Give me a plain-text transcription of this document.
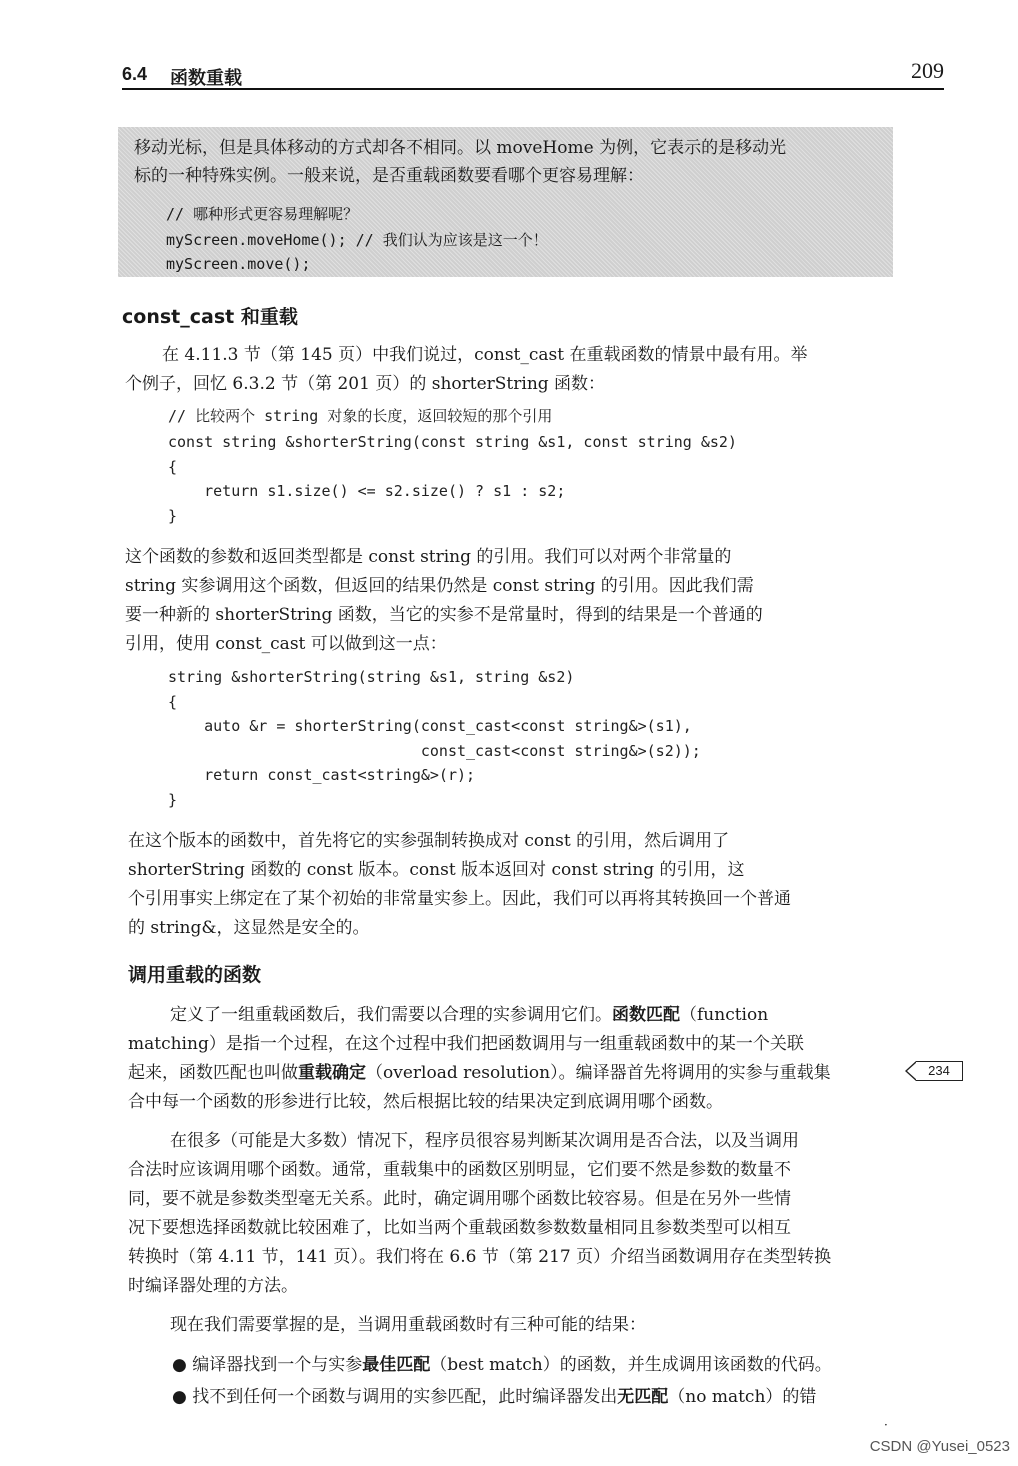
6.4 函数重载	209
移动光标，但是具体移动的方式却各不相同。以 moveHome 为例，它表示的是移动光
标的一种特殊实例。一般来说，是否重载函数要看哪个更容易理解：
// 哪种形式更容易理解呢？
myScreen.moveHome(); // 我们认为应该是这一个！
myScreen.move();
const_cast 和重载
在 4.11.3 节（第 145 页）中我们说过，const_cast 在重载函数的情景中最有用。举
个例子，回忆 6.3.2 节（第 201 页）的 shorterString 函数：
// 比较两个 string 对象的长度，返回较短的那个引用
const string &shorterString(const string &s1, const string &s2)
{
return s1.size() <= s2.size() ? s1 : s2;
}
这个函数的参数和返回类型都是 const string 的引用。我们可以对两个非常量的
string 实参调用这个函数，但返回的结果仍然是 const string 的引用。因此我们需
要一种新的 shorterString 函数，当它的实参不是常量时，得到的结果是一个普通的
引用，使用 const_cast 可以做到这一点：
string &shorterString(string &s1, string &s2)
{
auto &r = shorterString(const_cast<const string&>(s1),
const_cast<const string&>(s2));
return const_cast<string&>(r);
}
在这个版本的函数中，首先将它的实参强制转换成对 const 的引用，然后调用了
shorterString 函数的 const 版本。const 版本返回对 const string 的引用，这
个引用事实上绑定在了某个初始的非常量实参上。因此，我们可以再将其转换回一个普通
的 string&，这显然是安全的。
调用重载的函数
定义了一组重载函数后，我们需要以合理的实参调用它们。函数匹配（function
matching）是指一个过程，在这个过程中我们把函数调用与一组重载函数中的某一个关联
起来，函数匹配也叫做重载确定（overload resolution）。编译器首先将调用的实参与重载集
合中每一个函数的形参进行比较，然后根据比较的结果决定到底调用哪个函数。
234
在很多（可能是大多数）情况下，程序员很容易判断某次调用是否合法，以及当调用
合法时应该调用哪个函数。通常，重载集中的函数区别明显，它们要不然是参数的数量不
同，要不就是参数类型毫无关系。此时，确定调用哪个函数比较容易。但是在另外一些情
况下要想选择函数就比较困难了，比如当两个重载函数参数数量相同且参数类型可以相互
转换时（第 4.11 节，141 页）。我们将在 6.6 节（第 217 页）介绍当函数调用存在类型转换
时编译器处理的方法。
现在我们需要掌握的是，当调用重载函数时有三种可能的结果：
● 编译器找到一个与实参最佳匹配（best match）的函数，并生成调用该函数的代码。
● 找不到任何一个函数与调用的实参匹配，此时编译器发出无匹配（no match）的错
·
CSDN @Yusei_0523
